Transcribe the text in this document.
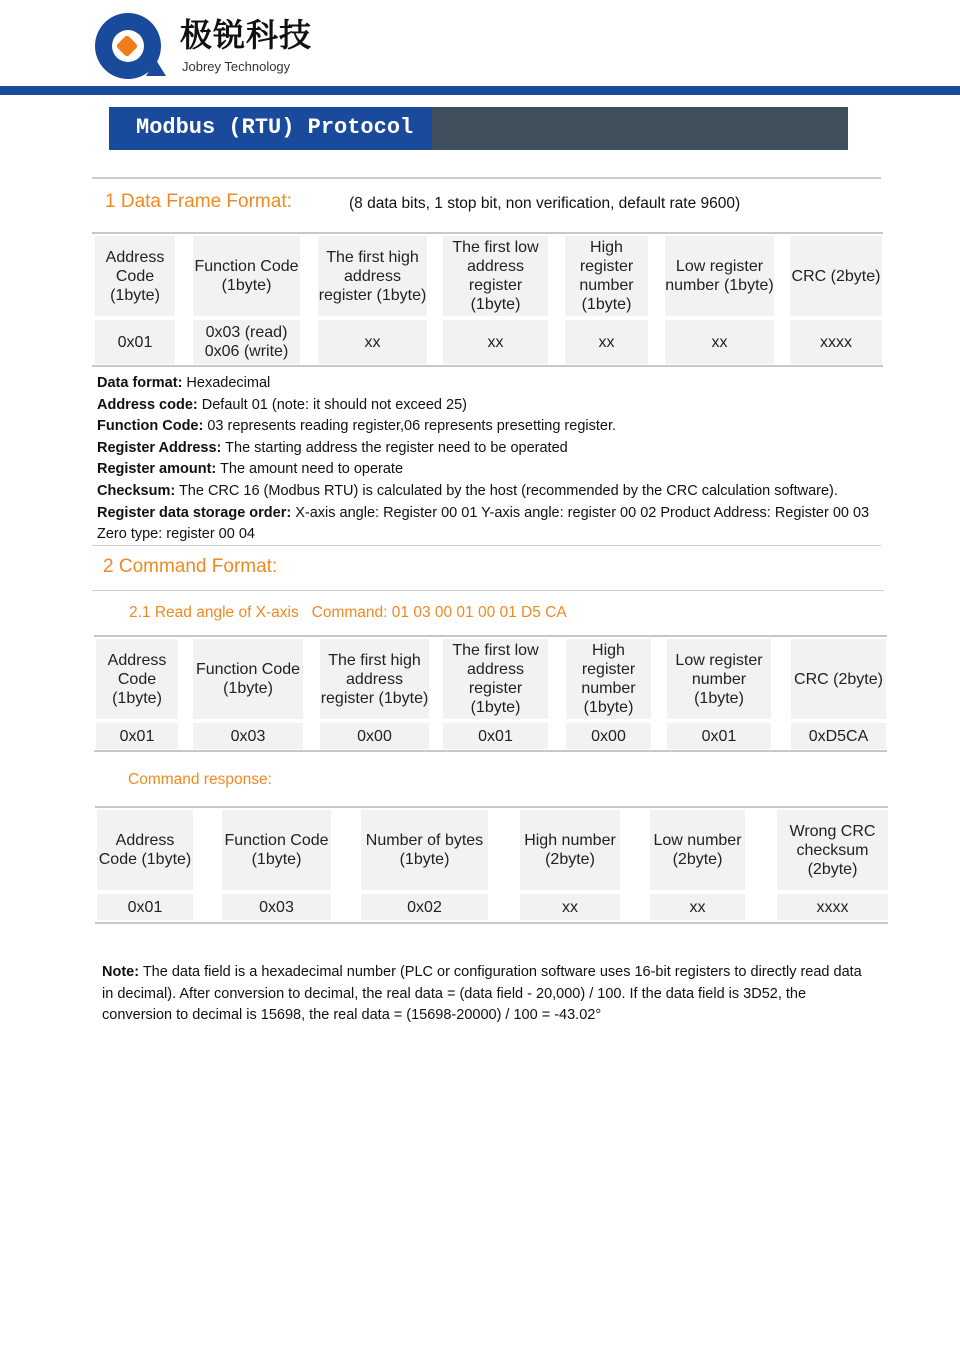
极锐科技
Jobrey Technology
Modbus (RTU) Protocol
1 Data Frame Format:	(8 data bits, 1 stop bit, non verification, default rate 9600)
Address Code (1byte)
0x01
Function Code (1byte)
0x03 (read) 0x06 (write)
The first high address register (1byte)
xx
The first low address register (1byte)
xx
High register number (1byte)
xx
Low register number (1byte)
xx
CRC (2byte)
xxxx
Address Code (1byte)
0x01
Function Code (1byte)
0x03
The first high address register (1byte)
0x00
The first low address register (1byte)
0x01
High register number (1byte)
0x00
Low register number (1byte)
0x01
CRC (2byte)
0xD5CA
Address Code (1byte)
0x01
Function Code (1byte)
0x03
Number of bytes (1byte)
0x02
High number (2byte)
xx
Low number (2byte)
xx
Wrong CRC checksum (2byte)
xxxx
Data format: Hexadecimal
Address code: Default 01 (note: it should not exceed 25)
Function Code: 03 represents reading register,06 represents presetting register.
Register Address: The starting address the register need to be operated
Register amount: The amount need to operate
Checksum: The CRC 16 (Modbus RTU) is calculated by the host (recommended by the CRC calculation software).
Register data storage order: X-axis angle: Register 00 01 Y-axis angle: register 00 02 Product Address: Register 00 03 Zero type: register 00 04
2 Command Format:
2.1 Read angle of X-axis   Command: 01 03 00 01 00 01 D5 CA
Command response:
Note: The data field is a hexadecimal number (PLC or configuration software uses 16-bit registers to directly read data in decimal). After conversion to decimal, the real data = (data field - 20,000) / 100. If the data field is 3D52, the conversion to decimal is 15698, the real data = (15698-20000) / 100 = -43.02°
